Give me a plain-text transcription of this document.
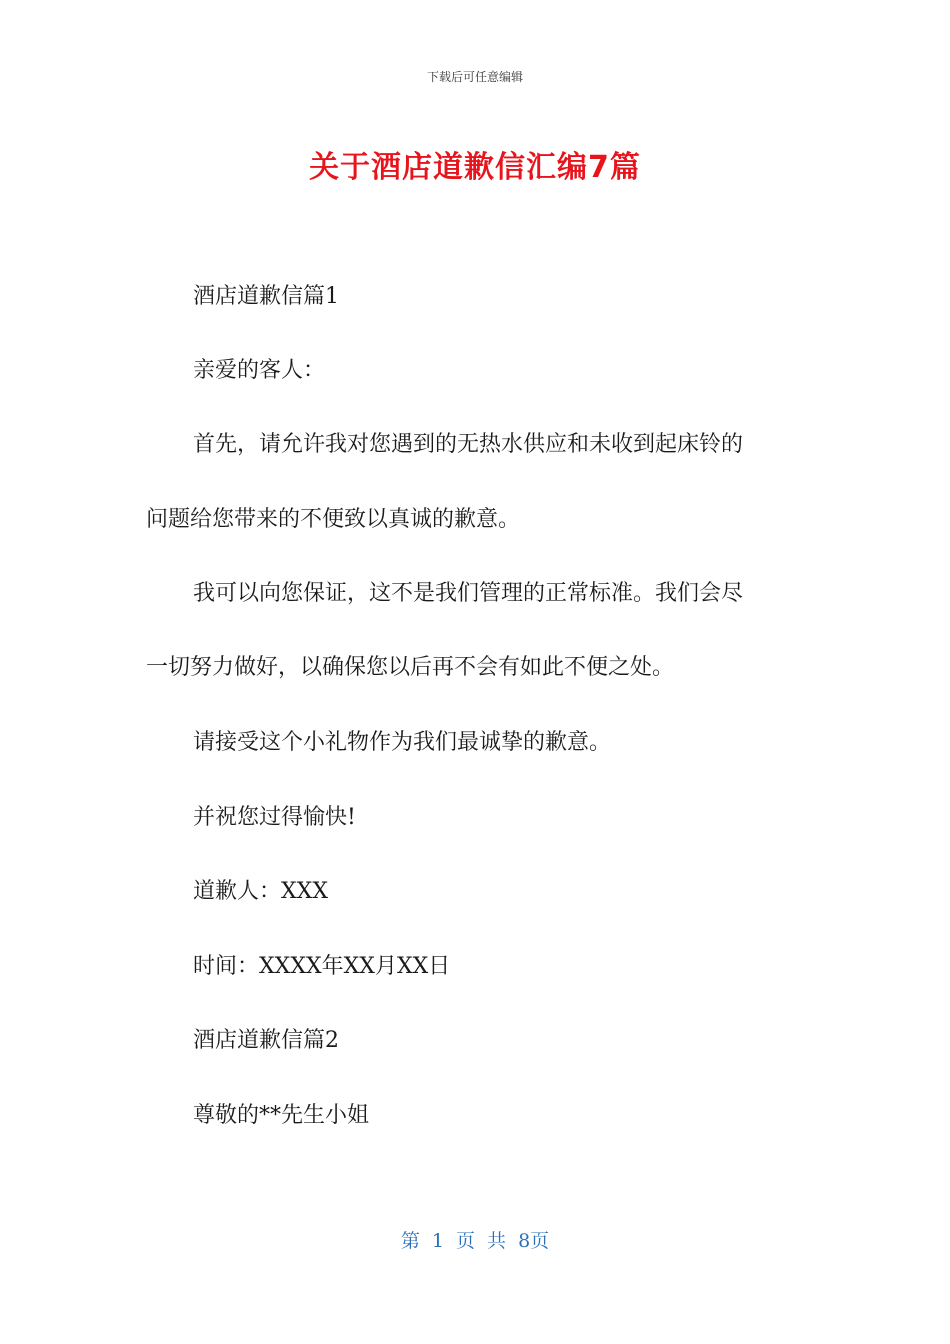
下载后可任意编辑
关于酒店道歉信汇编7篇
酒店道歉信篇1
亲爱的客人：
首先，请允许我对您遇到的无热水供应和未收到起床铃的
问题给您带来的不便致以真诚的歉意。
我可以向您保证，这不是我们管理的正常标准。我们会尽
一切努力做好，以确保您以后再不会有如此不便之处。
请接受这个小礼物作为我们最诚挚的歉意。
并祝您过得愉快!
道歉人：XXX
时间：XXXX年XX月XX日
酒店道歉信篇2
尊敬的**先生小姐
第 1 页 共 8页
